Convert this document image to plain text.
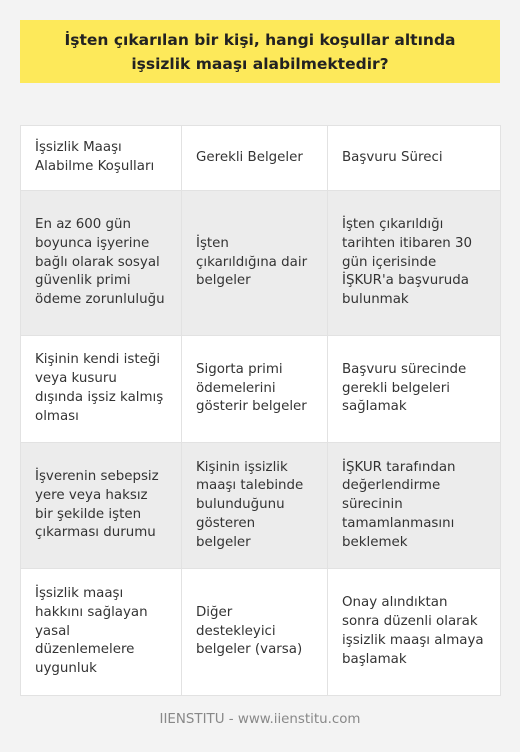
İşten çıkarılan bir kişi, hangi koşullar altında işsizlik maaşı alabilmektedir?
İşsizlik Maaşı Alabilme Koşulları	Gerekli Belgeler	Başvuru Süreci
En az 600 gün boyunca işyerine bağlı olarak sosyal güvenlik primi ödeme zorunluluğu	İşten çıkarıldığına dair belgeler	İşten çıkarıldığı tarihten itibaren 30 gün içerisinde İŞKUR'a başvuruda bulunmak
Kişinin kendi isteği veya kusuru dışında işsiz kalmış olması	Sigorta primi ödemelerini gösterir belgeler	Başvuru sürecinde gerekli belgeleri sağlamak
İşverenin sebepsiz yere veya haksız bir şekilde işten çıkarması durumu	Kişinin işsizlik maaşı talebinde bulunduğunu gösteren belgeler	İŞKUR tarafından değerlendirme sürecinin tamamlanmasını beklemek
İşsizlik maaşı hakkını sağlayan yasal düzenlemelere uygunluk	Diğer destekleyici belgeler (varsa)	Onay alındıktan sonra düzenli olarak işsizlik maaşı almaya başlamak
IIENSTITU - www.iienstitu.com
